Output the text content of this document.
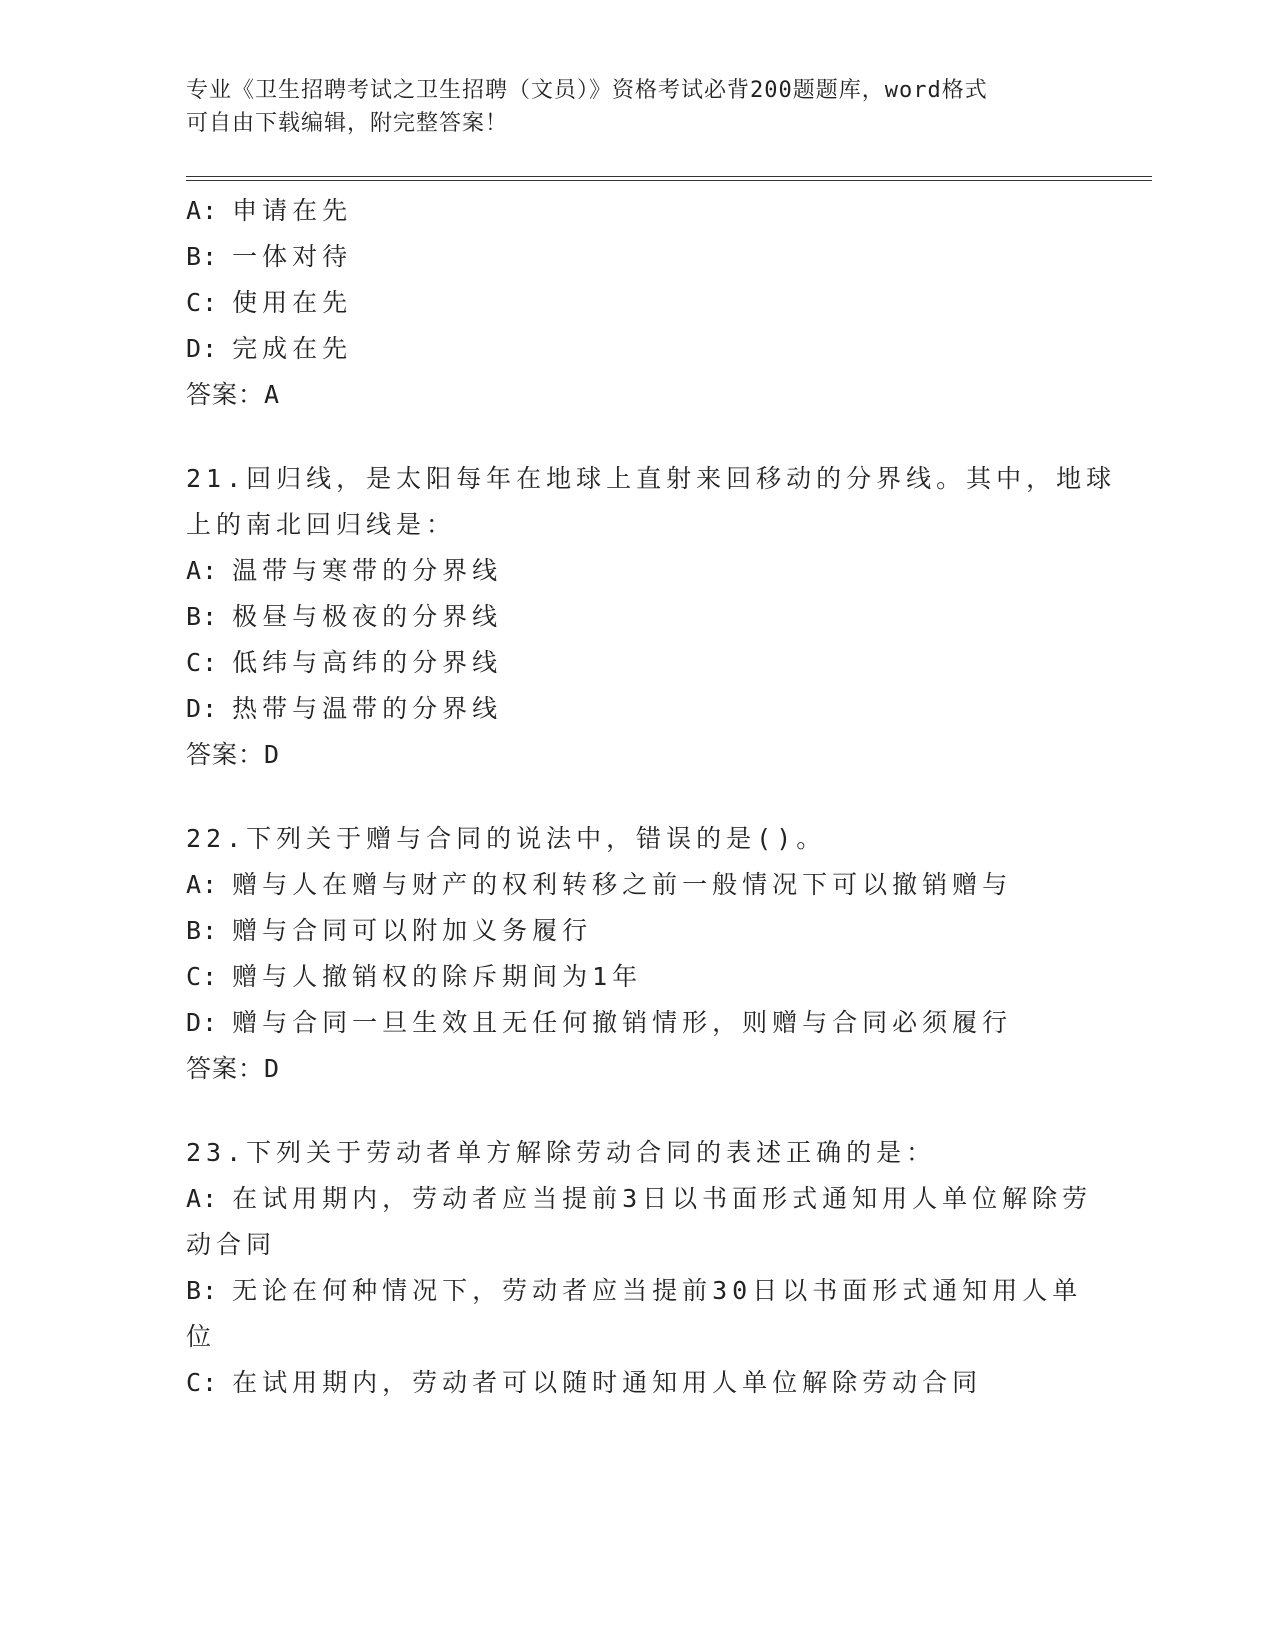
专业《卫生招聘考试之卫生招聘（文员）》资格考试必背200题题库，word格式

可自由下载编辑，附完整答案！

A: 申请在先

B: 一体对待

C: 使用在先

D: 完成在先

答案：A

21.回归线，是太阳每年在地球上直射来回移动的分界线。其中，地球

上的南北回归线是：

A: 温带与寒带的分界线

B: 极昼与极夜的分界线

C: 低纬与高纬的分界线

D: 热带与温带的分界线

答案：D

22.下列关于赠与合同的说法中，错误的是()。

A: 赠与人在赠与财产的权利转移之前一般情况下可以撤销赠与

B: 赠与合同可以附加义务履行

C: 赠与人撤销权的除斥期间为1年

D: 赠与合同一旦生效且无任何撤销情形，则赠与合同必须履行

答案：D

23.下列关于劳动者单方解除劳动合同的表述正确的是：

A: 在试用期内，劳动者应当提前3日以书面形式通知用人单位解除劳

动合同

B: 无论在何种情况下，劳动者应当提前30日以书面形式通知用人单

位

C: 在试用期内，劳动者可以随时通知用人单位解除劳动合同
